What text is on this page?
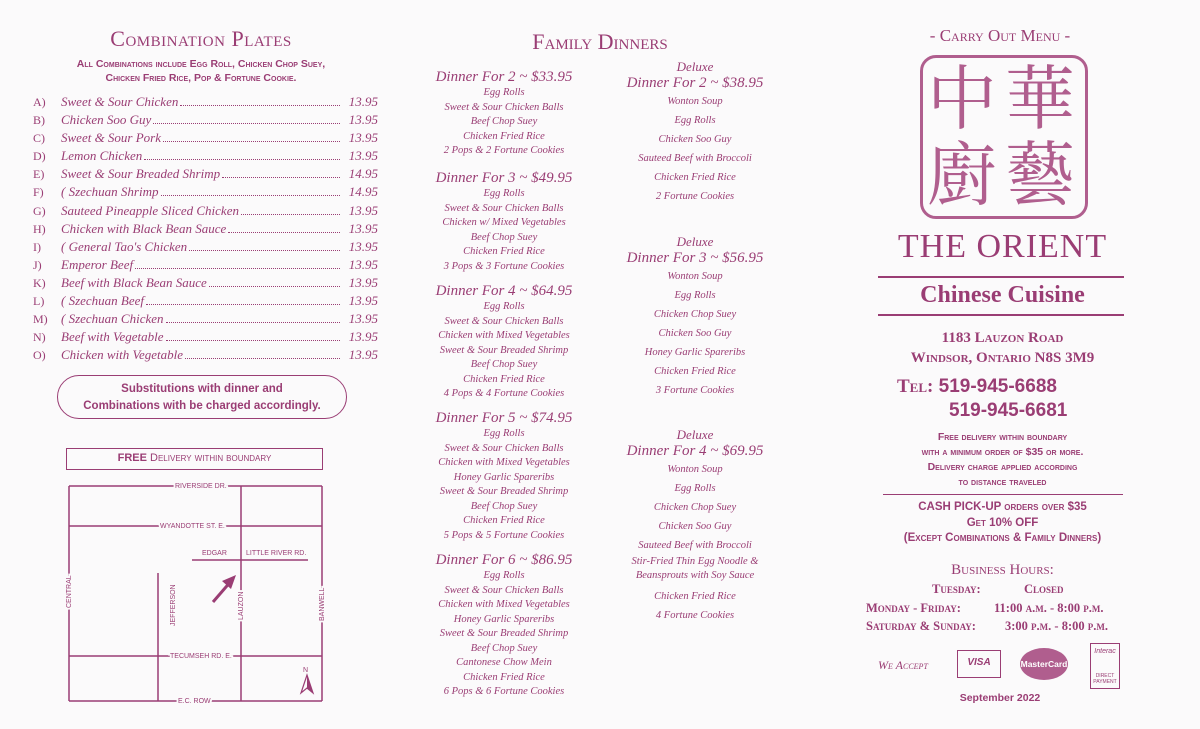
Combination Plates
All Combinations include Egg Roll, Chicken Chop Suey,
Chicken Fried Rice, Pop & Fortune Cookie.
A)	Sweet & Sour Chicken	13.95
B)	Chicken Soo Guy	13.95
C)	Sweet & Sour Pork	13.95
D)	Lemon Chicken	13.95
E)	Sweet & Sour Breaded Shrimp	14.95
F)	( Szechuan Shrimp	14.95
G)	Sauteed Pineapple Sliced Chicken	13.95
H)	Chicken with Black Bean Sauce	13.95
I)	( General Tao's Chicken	13.95
J)	Emperor Beef	13.95
K)	Beef with Black Bean Sauce	13.95
L)	( Szechuan Beef	13.95
M)	( Szechuan Chicken	13.95
N)	Beef with Vegetable	13.95
O)	Chicken with Vegetable	13.95
Substitutions with dinner and
Combinations with be charged accordingly.
FREE Delivery within boundary
RIVERSIDE DR.
WYANDOTTE ST. E.
EDGAR	LITTLE RIVER RD.
TECUMSEH RD. E.
E.C. ROW
CENTRAL	JEFFERSON	LAUZON	BANWELL
N
Family Dinners
Dinner For 2 ~ $33.95
Egg Rolls
Sweet & Sour Chicken Balls
Beef Chop Suey
Chicken Fried Rice
2 Pops & 2 Fortune Cookies
Dinner For 3 ~ $49.95
Egg Rolls
Sweet & Sour Chicken Balls
Chicken w/ Mixed Vegetables
Beef Chop Suey
Chicken Fried Rice
3 Pops & 3 Fortune Cookies
Dinner For 4 ~ $64.95
Egg Rolls
Sweet & Sour Chicken Balls
Chicken with Mixed Vegetables
Sweet & Sour Breaded Shrimp
Beef Chop Suey
Chicken Fried Rice
4 Pops & 4 Fortune Cookies
Dinner For 5 ~ $74.95
Egg Rolls
Sweet & Sour Chicken Balls
Chicken with Mixed Vegetables
Honey Garlic Spareribs
Sweet & Sour Breaded Shrimp
Beef Chop Suey
Chicken Fried Rice
5 Pops & 5 Fortune Cookies
Dinner For 6 ~ $86.95
Egg Rolls
Sweet & Sour Chicken Balls
Chicken with Mixed Vegetables
Honey Garlic Spareribs
Sweet & Sour Breaded Shrimp
Beef Chop Suey
Cantonese Chow Mein
Chicken Fried Rice
6 Pops & 6 Fortune Cookies
Deluxe
Dinner For 2 ~ $38.95
Wonton Soup
Egg Rolls
Chicken Soo Guy
Sauteed Beef with Broccoli
Chicken Fried Rice
2 Fortune Cookies
Deluxe
Dinner For 3 ~ $56.95
Wonton Soup
Egg Rolls
Chicken Chop Suey
Chicken Soo Guy
Honey Garlic Spareribs
Chicken Fried Rice
3 Fortune Cookies
Deluxe
Dinner For 4 ~ $69.95
Wonton Soup
Egg Rolls
Chicken Chop Suey
Chicken Soo Guy
Sauteed Beef with Broccoli
Stir-Fried Thin Egg Noodle &
Beansprouts with Soy Sauce
Chicken Fried Rice
4 Fortune Cookies
- Carry Out Menu -
中 華
廚 藝
THE ORIENT
Chinese Cuisine
1183 Lauzon Road
Windsor, Ontario N8S 3M9
Tel: 519-945-6688
519-945-6681
Free delivery within boundary
with a minimum order of $35 or more.
Delivery charge applied according
to distance traveled
CASH PICK-UP orders over $35
Get 10% OFF
(Except Combinations & Family Dinners)
Business Hours:
Tuesday:	Closed
Monday - Friday:	11:00 a.m. - 8:00 p.m.
Saturday & Sunday:	3:00 p.m. - 8:00 p.m.
We Accept	VISA	MasterCard
Interac
DIRECT PAYMENT
September 2022
